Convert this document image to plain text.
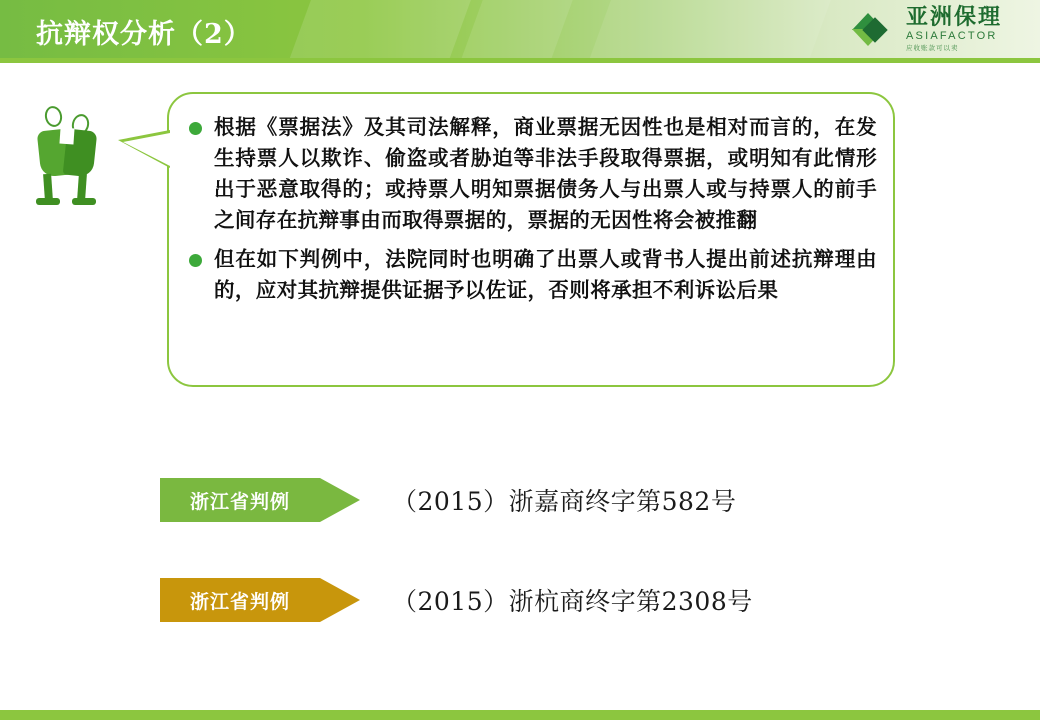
抗辩权分析（2）
亚洲保理
ASIAFACTOR
应收账款可以卖
根据《票据法》及其司法解释，商业票据无因性也是相对而言的，在发生持票人以欺诈、偷盗或者胁迫等非法手段取得票据，或明知有此情形出于恶意取得的；或持票人明知票据债务人与出票人或与持票人的前手之间存在抗辩事由而取得票据的，票据的无因性将会被推翻
但在如下判例中，法院同时也明确了出票人或背书人提出前述抗辩理由的，应对其抗辩提供证据予以佐证，否则将承担不利诉讼后果
浙江省判例	（2015）浙嘉商终字第582号
浙江省判例	（2015）浙杭商终字第2308号
